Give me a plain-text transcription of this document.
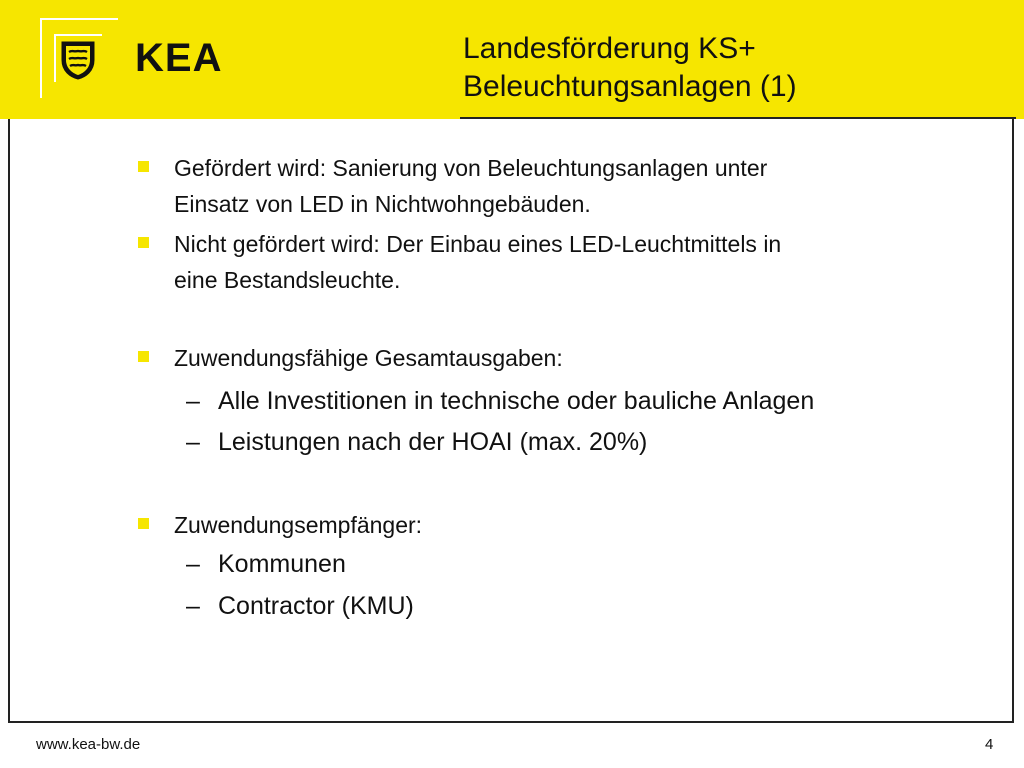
KEA	Landesförderung KS+
Beleuchtungsanlagen (1)
Gefördert wird: Sanierung von Beleuchtungsanlagen unter
Einsatz von LED in Nichtwohngebäuden.
Nicht gefördert wird: Der Einbau eines LED-Leuchtmittels in
eine Bestandsleuchte.
Zuwendungsfähige Gesamtausgaben:
– Alle Investitionen in technische oder bauliche Anlagen
– Leistungen nach der HOAI (max. 20%)
Zuwendungsempfänger:
– Kommunen
– Contractor (KMU)
www.kea-bw.de	4
